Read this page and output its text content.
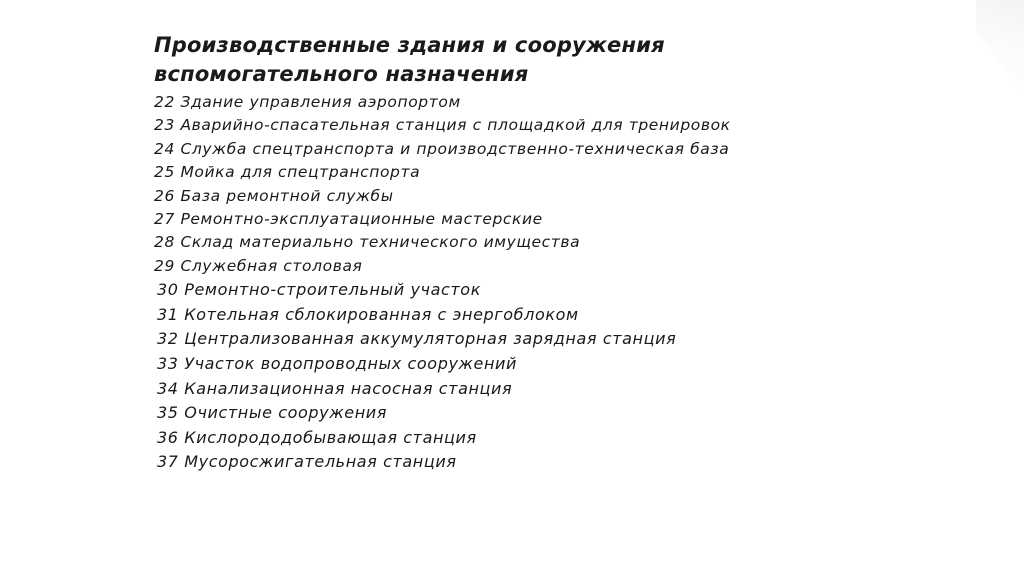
Производственные здания и сооружения вспомогательного назначения
22 Здание управления аэропортом
23 Аварийно-спасательная станция с площадкой для тренировок
24 Служба спецтранспорта и производственно-техническая база
25 Мойка для спецтранспорта
26 База ремонтной службы
27 Ремонтно-эксплуатационные мастерские
28 Склад материально технического имущества
29 Служебная столовая
30 Ремонтно-строительный участок
31 Котельная сблокированная с энергоблоком
32 Централизованная аккумуляторная зарядная станция
33 Участок водопроводных сооружений
34 Канализационная насосная станция
35 Очистные сооружения
36 Кислорододобывающая станция
37 Мусоросжигательная станция
